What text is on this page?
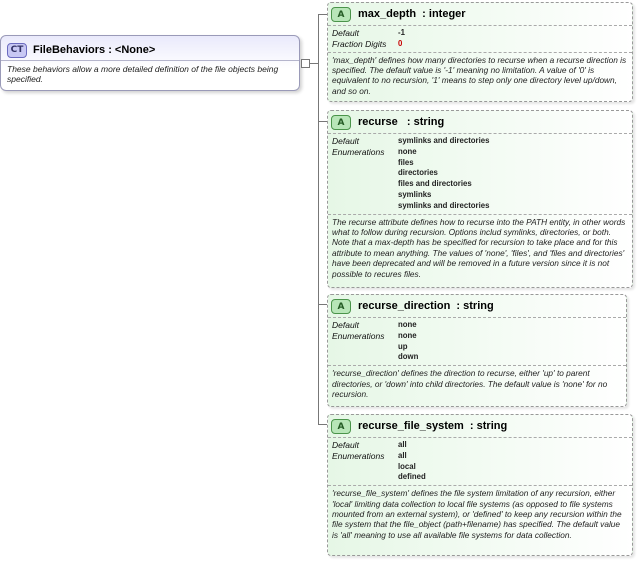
CT FileBehaviors : <None>
These behaviors allow a more detailed definition of the file objects being specified.
A	max_depth  : integer
Default	-1
Fraction Digits	0
'max_depth' defines how many directories to recurse when a recurse direction is specified. The default value is '-1' meaning no limitation. A value of '0' is equivalent to no recursion, '1' means to step only one directory level up/down, and so on.
A	recurse   : string
Default	symlinks and directories
Enumerations	none
files
directories
files and directories
symlinks
symlinks and directories
The recurse attribute defines how to recurse into the PATH entity, in other words what to follow during recursion. Options includ symlinks, directories, or both. Note that a max-depth has be specified for recursion to take place and for this attribute to mean anything. The values of 'none', 'files', and 'files and directories' have been deprecated and will be removed in a future version since it is not possible to recures files.
A	recurse_direction  : string
Default	none
Enumerations	none
up
down
'recurse_direction' defines the direction to recurse, either 'up' to parent directories, or 'down' into child directories. The default value is 'none' for no recursion.
A	recurse_file_system  : string
Default	all
Enumerations	all
local
defined
'recurse_file_system' defines the file system limitation of any recursion, either 'local' limiting data collection to local file systems (as opposed to file systems mounted from an external system), or 'defined' to keep any recursion within the file system that the file_object (path+filename) has specified. The default value is 'all' meaning to use all available file systems for data collection.
